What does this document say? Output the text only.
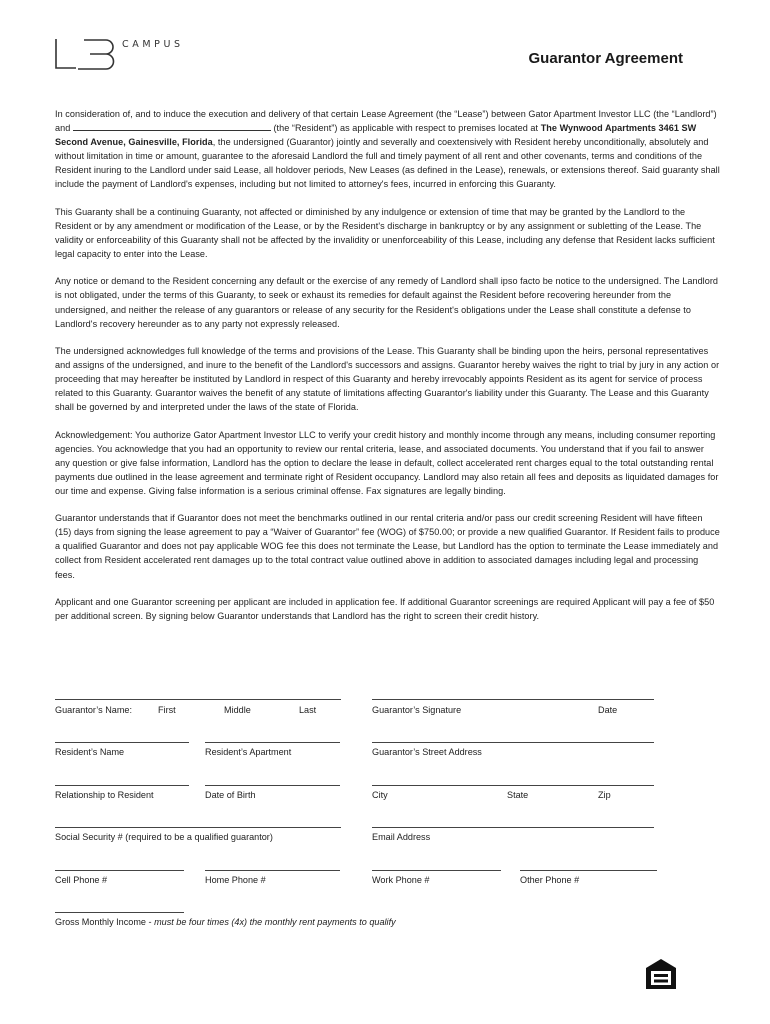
CAMPUS
Guarantor Agreement

In consideration of, and to induce the execution and delivery of that certain Lease Agreement (the “Lease”) between Gator Apartment Investor LLC (the “Landlord”) and	(the “Resident”) as applicable with respect to premises located at The Wynwood Apartments 3461 SW Second Avenue, Gainesville, Florida, the undersigned (Guarantor) jointly and severally and coextensively with Resident hereby unconditionally, absolutely and without limitation in time or amount, guarantee to the aforesaid Landlord the full and timely payment of all rent and other covenants, terms and conditions of the Resident inuring to the Landlord under said Lease, all holdover periods, New Leases (as defined in the Lease), renewals, or extensions thereof. Said guaranty shall include the payment of Landlord's expenses, including but not limited to attorney's fees, incurred in enforcing this Guaranty.

This Guaranty shall be a continuing Guaranty, not affected or diminished by any indulgence or extension of time that may be granted by the Landlord to the Resident or by any amendment or modification of the Lease, or by the Resident's discharge in bankruptcy or by any assignment or subletting of the Lease. The validity or enforceability of this Guaranty shall not be affected by the invalidity or unenforceability of this Lease, including any defense that Resident lacks sufficient legal capacity to enter into the Lease.

Any notice or demand to the Resident concerning any default or the exercise of any remedy of Landlord shall ipso facto be notice to the undersigned. The Landlord is not obligated, under the terms of this Guaranty, to seek or exhaust its remedies for default against the Resident before recovering hereunder from the undersigned, and neither the release of any guarantors or release of any security for the Resident's obligations under the Lease shall constitute a defense to Landlord's recovery hereunder as to any party not expressly released.

The undersigned acknowledges full knowledge of the terms and provisions of the Lease. This Guaranty shall be binding upon the heirs, personal representatives and assigns of the undersigned, and inure to the benefit of the Landlord's successors and assigns. Guarantor hereby waives the right to trial by jury in any action or proceeding that may hereafter be instituted by Landlord in respect of this Guaranty and hereby irrevocably appoints Resident as its agent for service of process related to this Guaranty. Guarantor waives the benefit of any statute of limitations affecting Guarantor's liability under this Guaranty. The Lease and this Guaranty shall be governed by and interpreted under the laws of the state of Florida.

Acknowledgement: You authorize Gator Apartment Investor LLC to verify your credit history and monthly income through any means, including consumer reporting agencies. You acknowledge that you had an opportunity to review our rental criteria, lease, and associated documents. You understand that if you fail to answer any question or give false information, Landlord has the option to declare the lease in default, collect accelerated rent charges equal to the total outstanding rental payments due outlined in the lease agreement and terminate right of Resident occupancy. Landlord may also retain all fees and deposits as liquidated damages for our time and expense. Giving false information is a serious criminal offense. Fax signatures are legally binding.

Guarantor understands that if Guarantor does not meet the benchmarks outlined in our rental criteria and/or pass our credit screening Resident will have fifteen (15) days from signing the lease agreement to pay a “Waiver of Guarantor” fee (WOG) of $750.00; or provide a new qualified Guarantor. If Resident fails to produce a qualified Guarantor and does not pay applicable WOG fee this does not terminate the Lease, but Landlord has the option to terminate the Lease immediately and collect from Resident accelerated rent damages up to the total contract value outlined above in addition to associated damages including legal and processing fees.

Applicant and one Guarantor screening per applicant are included in application fee. If additional Guarantor screenings are required Applicant will pay a fee of $50 per additional screen. By signing below Guarantor understands that Landlord has the right to screen their credit history.

Guarantor’s Name:	First	Middle	Last	Guarantor’s Signature	Date
Resident’s Name	Resident’s Apartment	Guarantor’s Street Address
Relationship to Resident	Date of Birth	City	State	Zip
Social Security # (required to be a qualified guarantor)	Email Address
Cell Phone #	Home Phone #	Work Phone #	Other Phone #
Gross Monthly Income - must be four times (4x) the monthly rent payments to qualify
